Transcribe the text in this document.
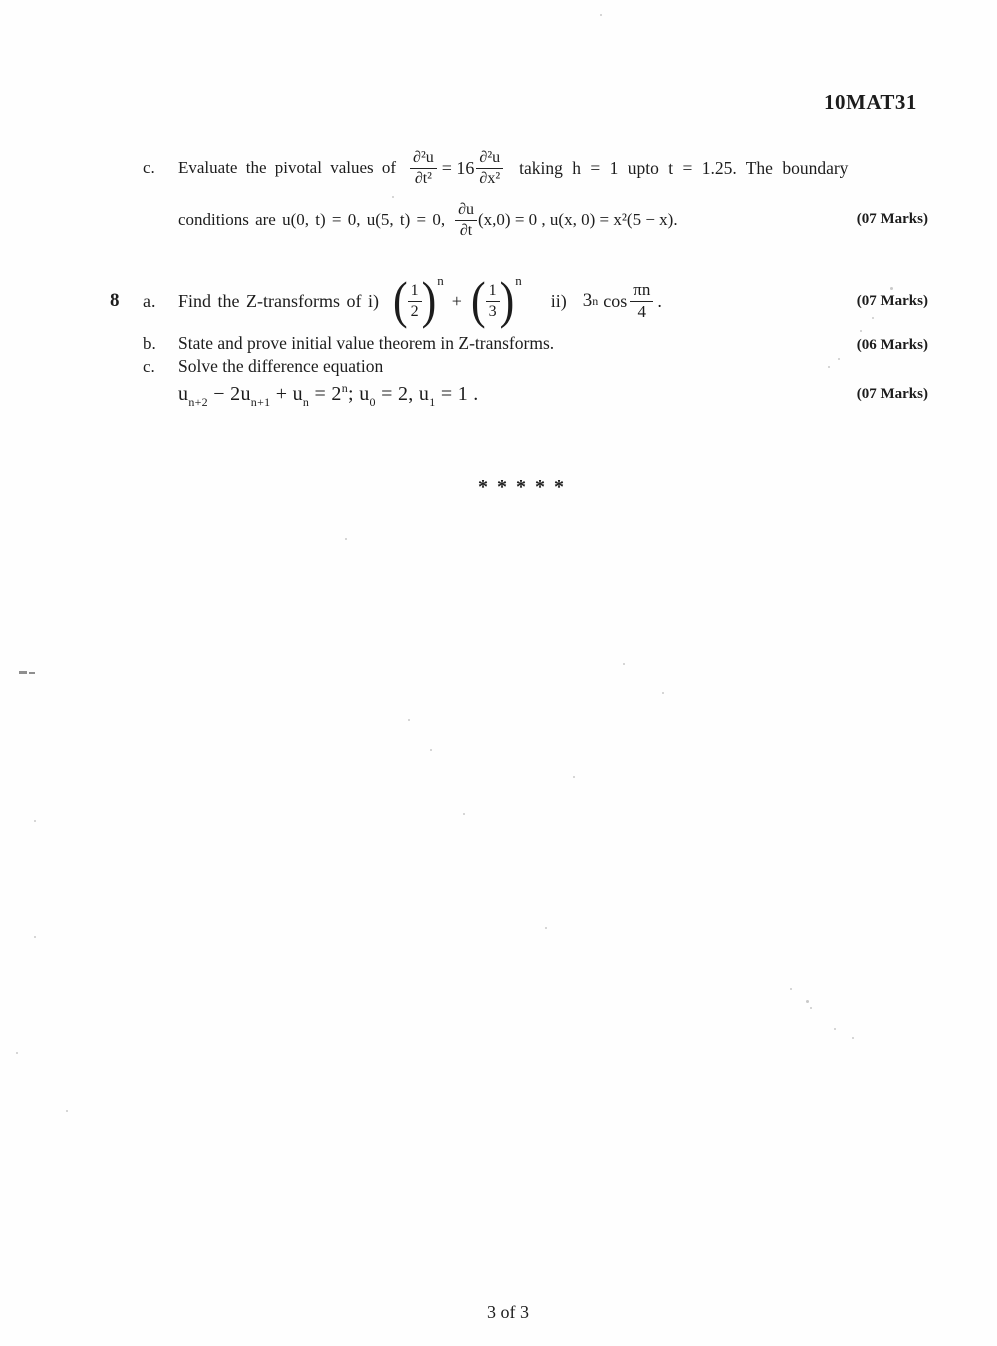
10MAT31
c.	Evaluate the pivotal values of $\frac{\text{∂²u}}{\text{∂t²}} = 16 \frac{\text{∂²u}}{\text{∂x²}}$ taking h = 1 upto t = 1.25. The boundary
conditions are u(0, t) = 0, u(5, t) = 0, $\frac{\partial u}{\partial t} (x,0) = 0$ , u(x, 0) = x²(5 − x).	(07 Marks)
8	a.	Find the Z-transforms of i) ( $\frac{1}{2}$ ) n
+ ( $\frac{1}{3}$ ) n
ii) 3 n $\cos \frac{\pi n}{4}$ .	(07 Marks)
b. State and prove initial value theorem in Z-transforms.	(06 Marks)
c. Solve the difference equation
$u_{n+2} - 2u_{n+1} + u_n = 2^n$; $u_0 = 2$, $u_1 = 1$ .	(07 Marks)
* * * * *
3 of 3
